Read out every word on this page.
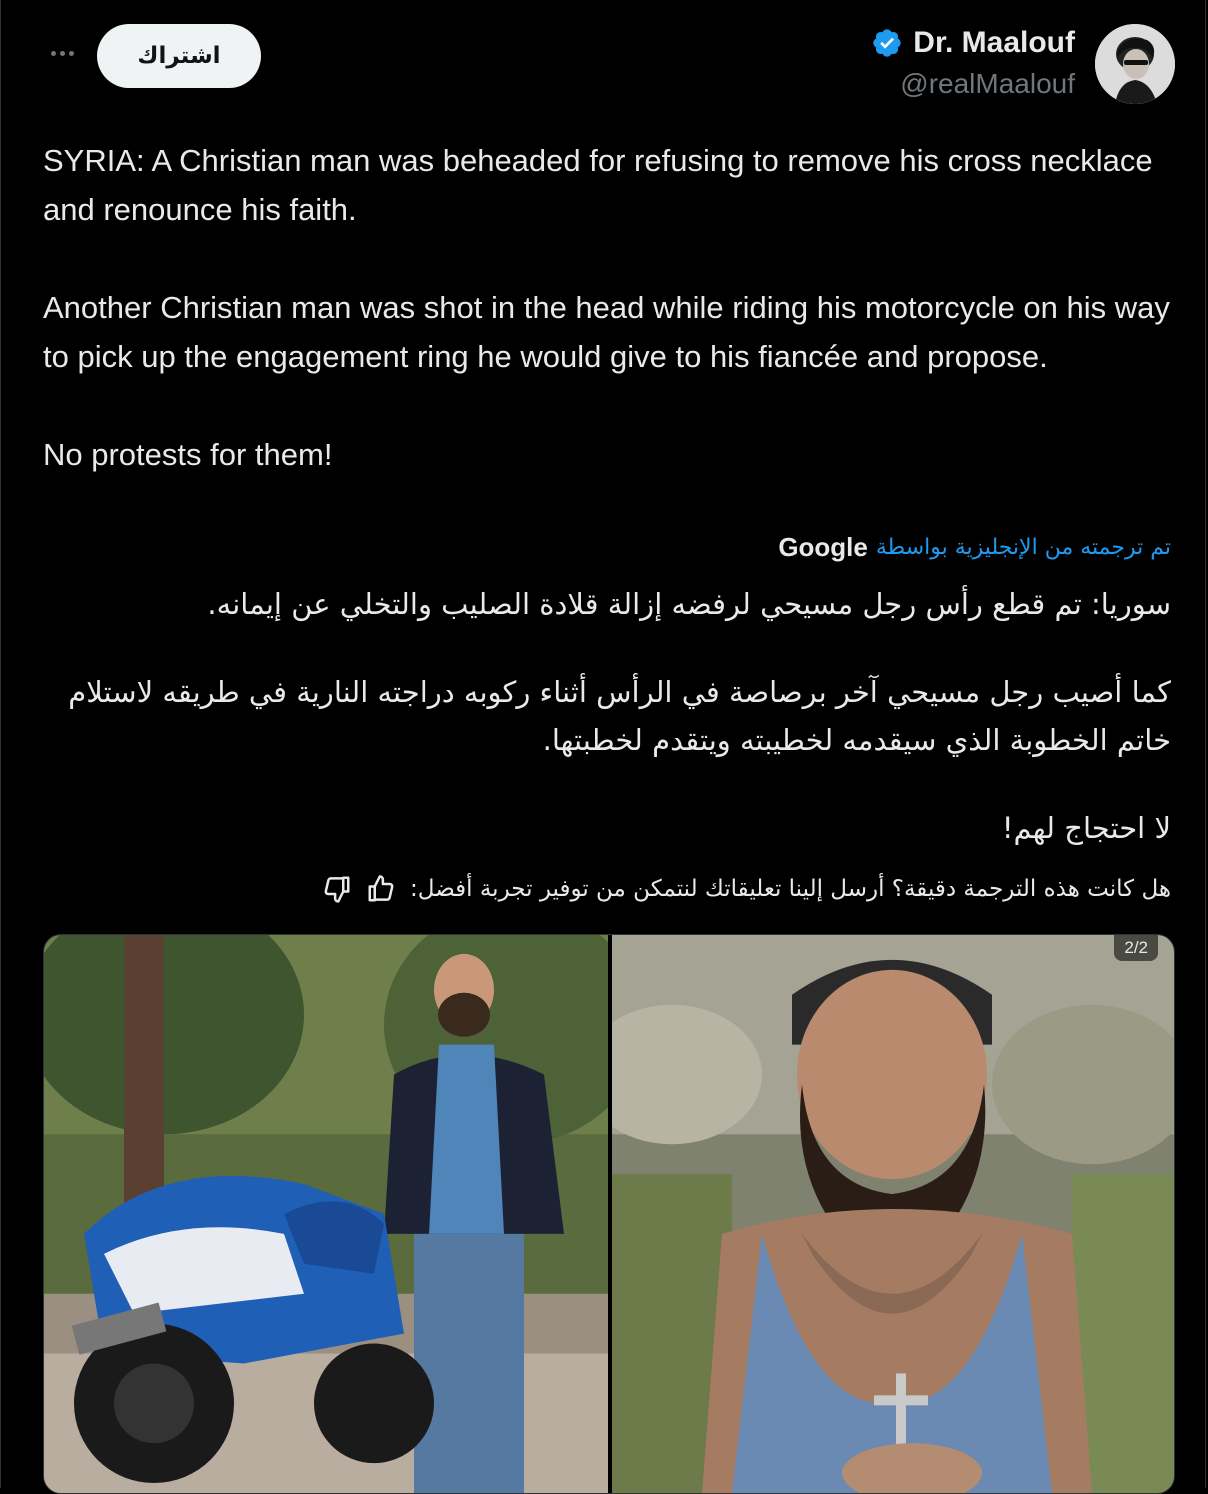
اشتراك	Dr. Maalouf
@realMaalouf

SYRIA: A Christian man was beheaded for refusing to remove his cross necklace and renounce his faith.

Another Christian man was shot in the head while riding his motorcycle on his way to pick up the engagement ring he would give to his fiancée and propose.

No protests for them!

تم ترجمته من الإنجليزية بواسطة
Google

سوريا: تم قطع رأس رجل مسيحي لرفضه إزالة قلادة الصليب والتخلي عن إيمانه.

كما أصيب رجل مسيحي آخر برصاصة في الرأس أثناء ركوبه دراجته النارية في طريقه لاستلام خاتم الخطوبة الذي سيقدمه لخطيبته ويتقدم لخطبتها.

لا احتجاج لهم!

هل كانت هذه الترجمة دقيقة؟ أرسل إلينا تعليقاتك لنتمكن من توفير تجربة أفضل:
2/2
